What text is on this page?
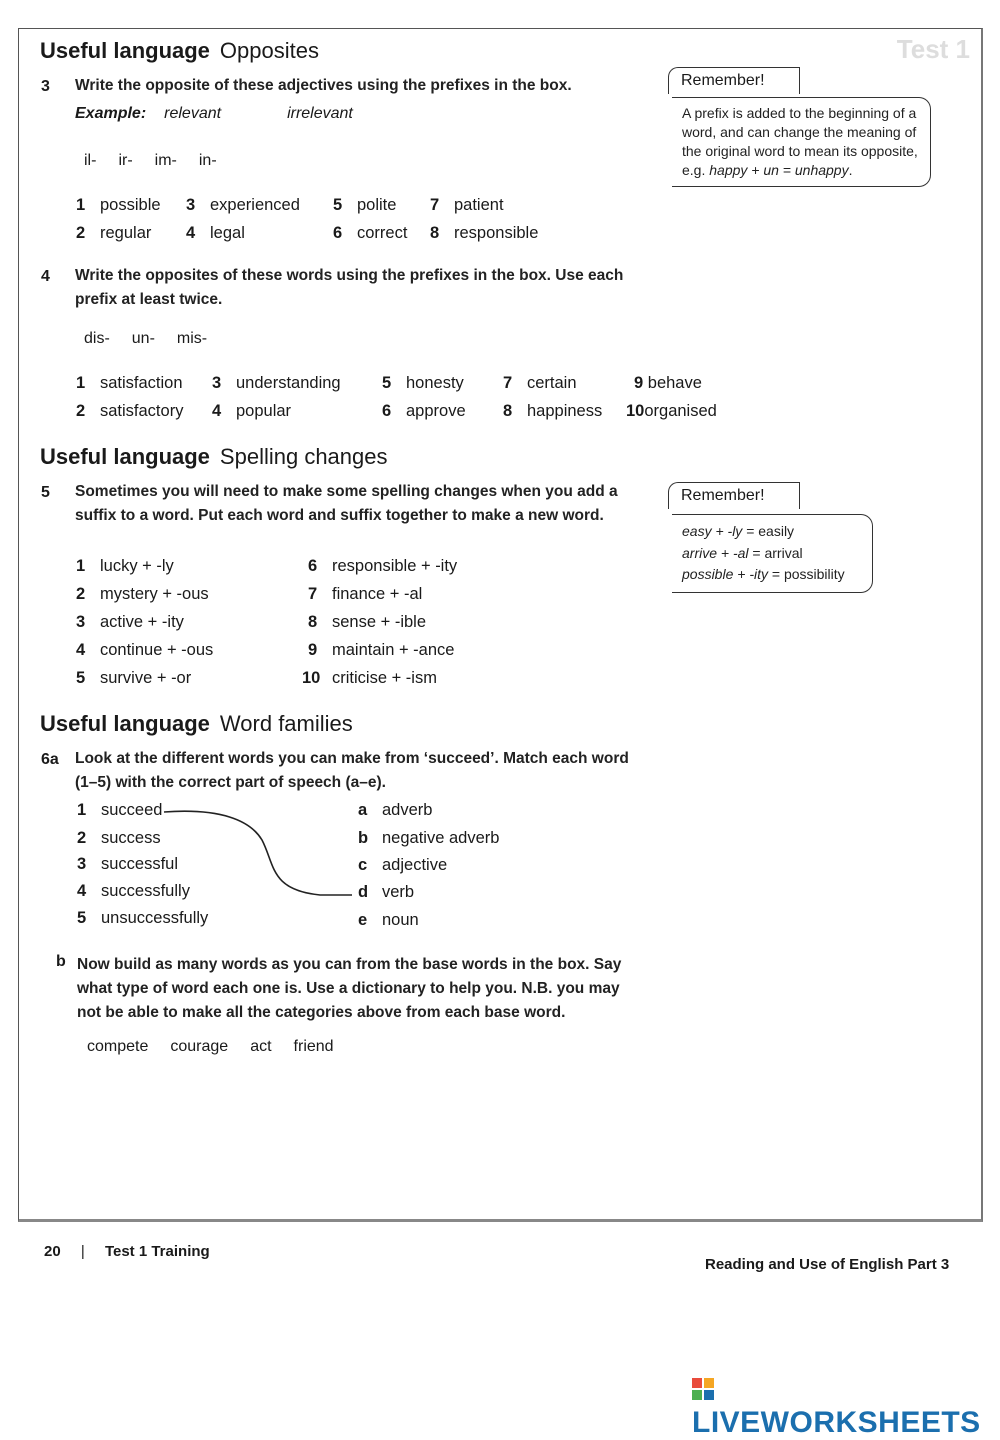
Test 1
Useful language Opposites
3 Write the opposite of these adjectives using the prefixes in the box.
Example: relevant	irrelevant
il- ir- im- in-
1 possible 3 experienced 5 polite 7 patient
2 regular 4 legal	6 correct 8 responsible
Remember!
A prefix is added to the beginning of a word, and can change the meaning of the original word to mean its opposite, e.g. happy + un = unhappy.
4 Write the opposites of these words using the prefixes in the box. Use each prefix at least twice.
dis- un- mis-
1 satisfaction 3 understanding	5 honesty 7 certain	9 behave
2 satisfactory 4 popular	6 approve 8 happiness 10organised
Useful language Spelling changes
5 Sometimes you will need to make some spelling changes when you add a suffix to a word. Put each word and suffix together to make a new word.
1 lucky + -ly
2 mystery + -ous
3 active + -ity
4 continue + -ous
5 survive + -or
6 responsible + -ity
7 finance + -al
8 sense + -ible
9 maintain + -ance
10 criticise + -ism
Remember!
easy + -ly = easily
arrive + -al = arrival
possible + -ity = possibility
Useful language Word families
6a Look at the different words you can make from ‘succeed’. Match each word (1–5) with the correct part of speech (a–e).
1 succeed
2 success
3 successful
4 successfully
5 unsuccessfully
a adverb
b negative adverb
c adjective
d verb
e noun
b Now build as many words as you can from the base words in the box. Say what type of word each one is. Use a dictionary to help you. N.B. you may not be able to make all the categories above from each base word.
compete courage act friend
20 | Test 1 Training
Reading and Use of English Part 3
LIVEWORKSHEETS
